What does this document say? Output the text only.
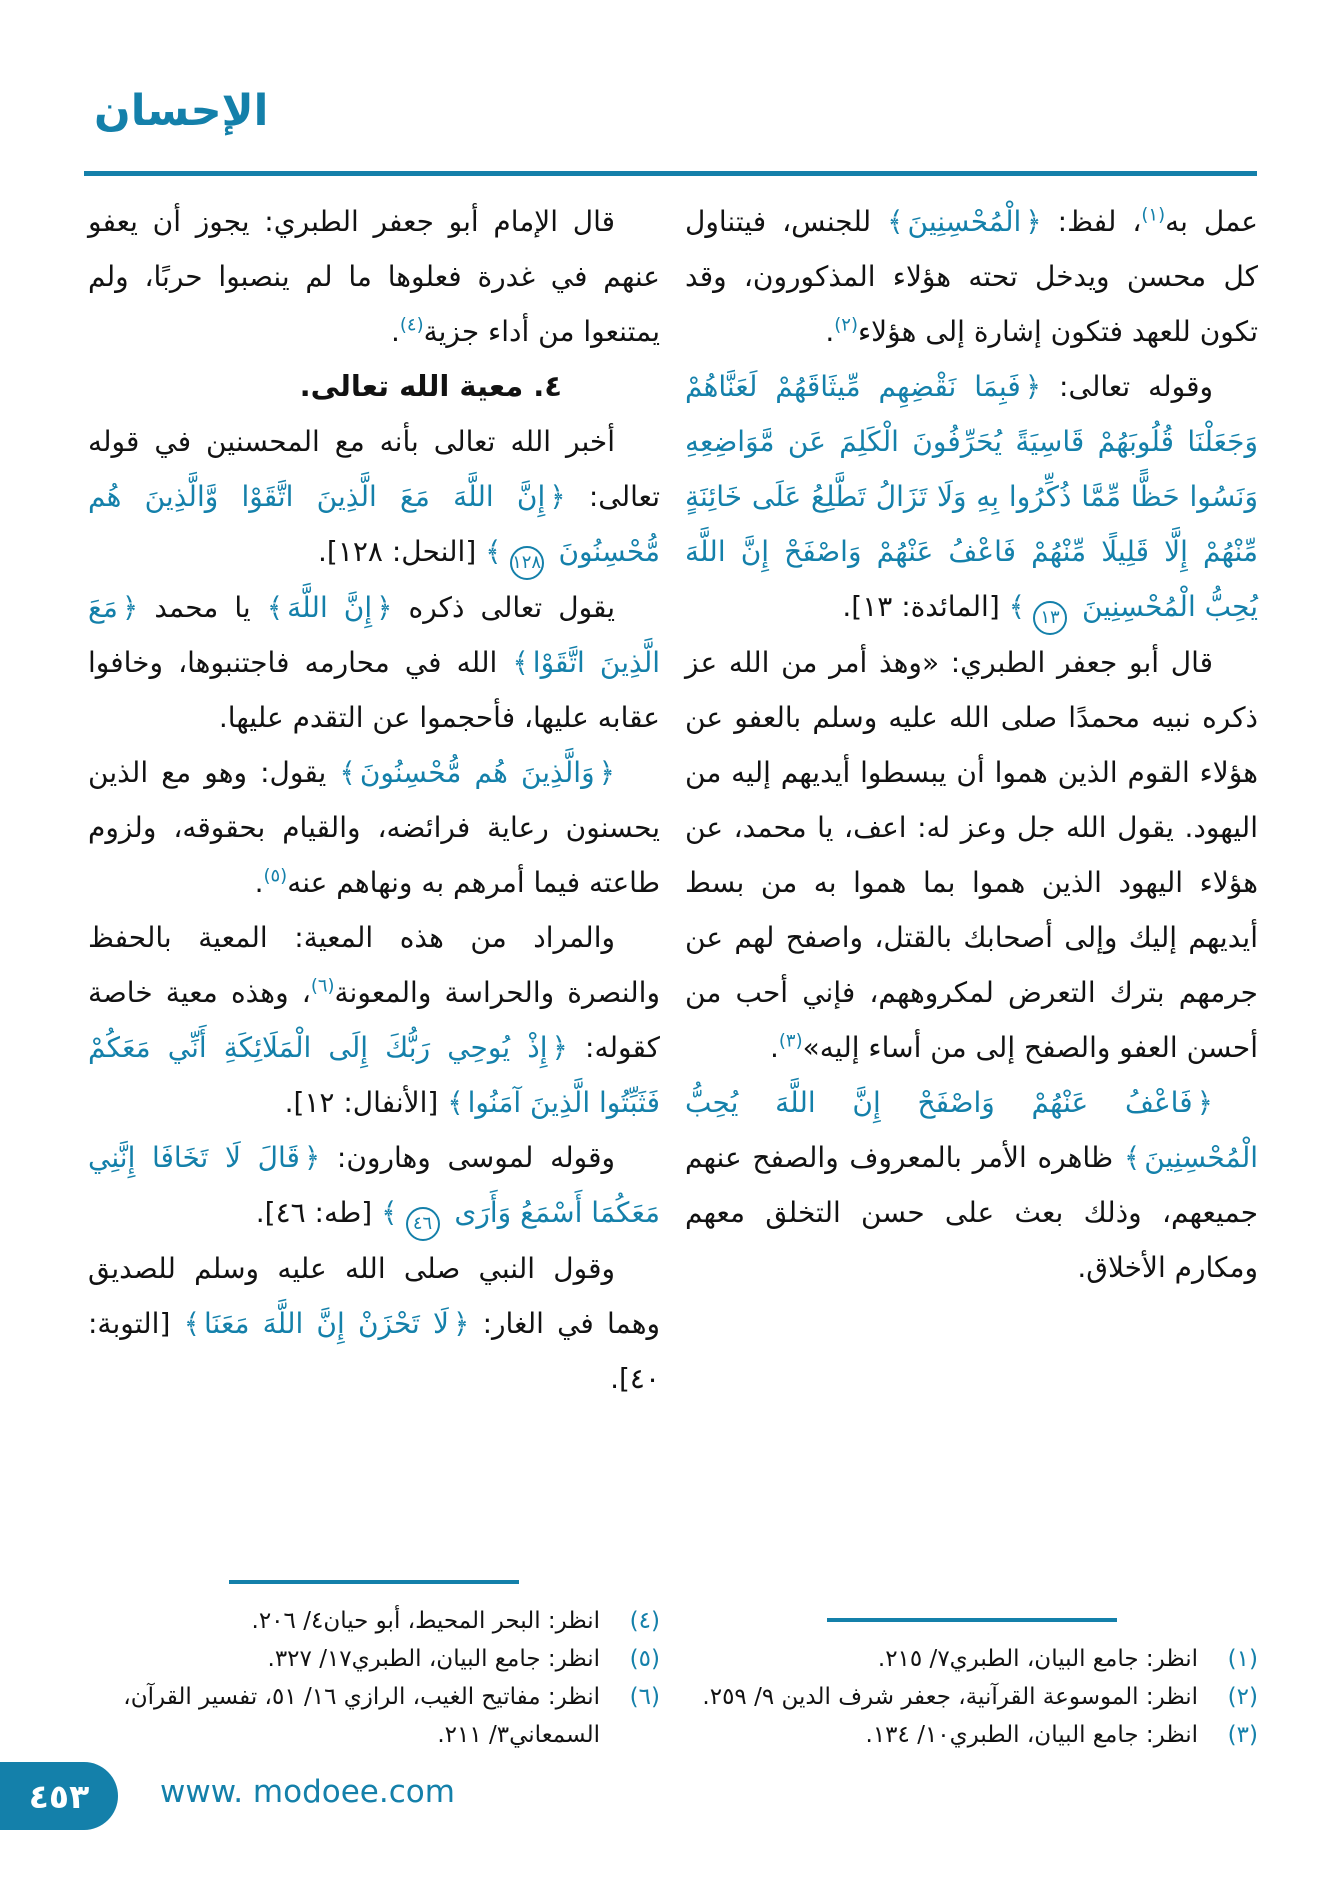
الإحسان

عمل به$^{(١)}$، لفظ: ﴿ الْمُحْسِنِينَ ﴾ للجنس، فيتناول كل محسن ويدخل تحته هؤلاء المذكورون، وقد تكون للعهد فتكون إشارة إلى هؤلاء$^{(٢)}$.

وقوله تعالى: ﴿ فَبِمَا نَقْضِهِم مِّيثَاقَهُمْ لَعَنَّاهُمْ وَجَعَلْنَا قُلُوبَهُمْ قَاسِيَةً يُحَرِّفُونَ الْكَلِمَ عَن مَّوَاضِعِهِ وَنَسُوا حَظًّا مِّمَّا ذُكِّرُوا بِهِ وَلَا تَزَالُ تَطَّلِعُ عَلَى خَائِنَةٍ مِّنْهُمْ إِلَّا قَلِيلًا مِّنْهُمْ فَاعْفُ عَنْهُمْ وَاصْفَحْ إِنَّ اللَّهَ يُحِبُّ الْمُحْسِنِينَ ١٣﴾ [المائدة: ١٣].

قال أبو جعفر الطبري: «وهذ أمر من الله عز ذكره نبيه محمدًا صلى الله عليه وسلم بالعفو عن هؤلاء القوم الذين هموا أن يبسطوا أيديهم إليه من اليهود. يقول الله جل وعز له: اعف، يا محمد، عن هؤلاء اليهود الذين هموا بما هموا به من بسط أيديهم إليك وإلى أصحابك بالقتل، واصفح لهم عن جرمهم بترك التعرض لمكروههم، فإني أحب من أحسن العفو والصفح إلى من أساء إليه»$^{(٣)}$.

﴿ فَاعْفُ عَنْهُمْ وَاصْفَحْ إِنَّ اللَّهَ يُحِبُّ الْمُحْسِنِينَ ﴾ ظاهره الأمر بالمعروف والصفح عنهم جميعهم، وذلك بعث على حسن التخلق معهم ومكارم الأخلاق.

(١)
انظر: جامع البيان، الطبري٧/ ٢١٥.
(٢)
انظر: الموسوعة القرآنية، جعفر شرف الدين ٩/ ٢٥٩.
(٣)
انظر: جامع البيان، الطبري١٠/ ١٣٤.

قال الإمام أبو جعفر الطبري: يجوز أن يعفو عنهم في غدرة فعلوها ما لم ينصبوا حربًا، ولم يمتنعوا من أداء جزية$^{(٤)}$.

٤. معية الله تعالى.

أخبر الله تعالى بأنه مع المحسنين في قوله تعالى: ﴿ إِنَّ اللَّهَ مَعَ الَّذِينَ اتَّقَوْا وَّالَّذِينَ هُم مُّحْسِنُونَ ١٢٨﴾ [النحل: ١٢٨].

يقول تعالى ذكره ﴿ إِنَّ اللَّهَ ﴾ يا محمد ﴿ مَعَ الَّذِينَ اتَّقَوْا ﴾ الله في محارمه فاجتنبوها، وخافوا عقابه عليها، فأحجموا عن التقدم عليها.

﴿ وَالَّذِينَ هُم مُّحْسِنُونَ ﴾ يقول: وهو مع الذين يحسنون رعاية فرائضه، والقيام بحقوقه، ولزوم طاعته فيما أمرهم به ونهاهم عنه$^{(٥)}$.

والمراد من هذه المعية: المعية بالحفظ والنصرة والحراسة والمعونة$^{(٦)}$، وهذه معية خاصة كقوله: ﴿ إِذْ يُوحِي رَبُّكَ إِلَى الْمَلَائِكَةِ أَنِّي مَعَكُمْ فَثَبِّتُوا الَّذِينَ آمَنُوا ﴾ [الأنفال: ١٢].

وقوله لموسى وهارون: ﴿ قَالَ لَا تَخَافَا إِنَّنِي مَعَكُمَا أَسْمَعُ وَأَرَى ٤٦﴾ [طه: ٤٦].

وقول النبي صلى الله عليه وسلم للصديق وهما في الغار: ﴿ لَا تَحْزَنْ إِنَّ اللَّهَ مَعَنَا ﴾ [التوبة: ٤٠].

(٤)
انظر: البحر المحيط، أبو حيان٤/ ٢٠٦.
(٥)
انظر: جامع البيان، الطبري١٧/ ٣٢٧.
(٦)
انظر: مفاتيح الغيب، الرازي ١٦/ ٥١، تفسير القرآن، السمعاني٣/ ٢١١.
٤٥٣ www. modoee.com
